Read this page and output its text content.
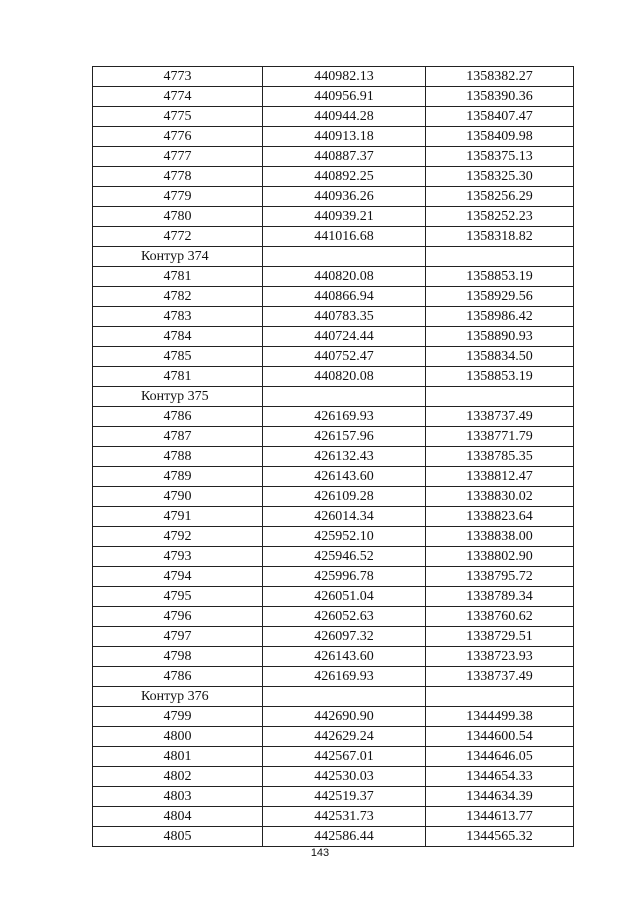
4773	440982.13	1358382.27
4774	440956.91	1358390.36
4775	440944.28	1358407.47
4776	440913.18	1358409.98
4777	440887.37	1358375.13
4778	440892.25	1358325.30
4779	440936.26	1358256.29
4780	440939.21	1358252.23
4772	441016.68	1358318.82
Контур 374		
4781	440820.08	1358853.19
4782	440866.94	1358929.56
4783	440783.35	1358986.42
4784	440724.44	1358890.93
4785	440752.47	1358834.50
4781	440820.08	1358853.19
Контур 375		
4786	426169.93	1338737.49
4787	426157.96	1338771.79
4788	426132.43	1338785.35
4789	426143.60	1338812.47
4790	426109.28	1338830.02
4791	426014.34	1338823.64
4792	425952.10	1338838.00
4793	425946.52	1338802.90
4794	425996.78	1338795.72
4795	426051.04	1338789.34
4796	426052.63	1338760.62
4797	426097.32	1338729.51
4798	426143.60	1338723.93
4786	426169.93	1338737.49
Контур 376		
4799	442690.90	1344499.38
4800	442629.24	1344600.54
4801	442567.01	1344646.05
4802	442530.03	1344654.33
4803	442519.37	1344634.39
4804	442531.73	1344613.77
4805	442586.44	1344565.32
143
